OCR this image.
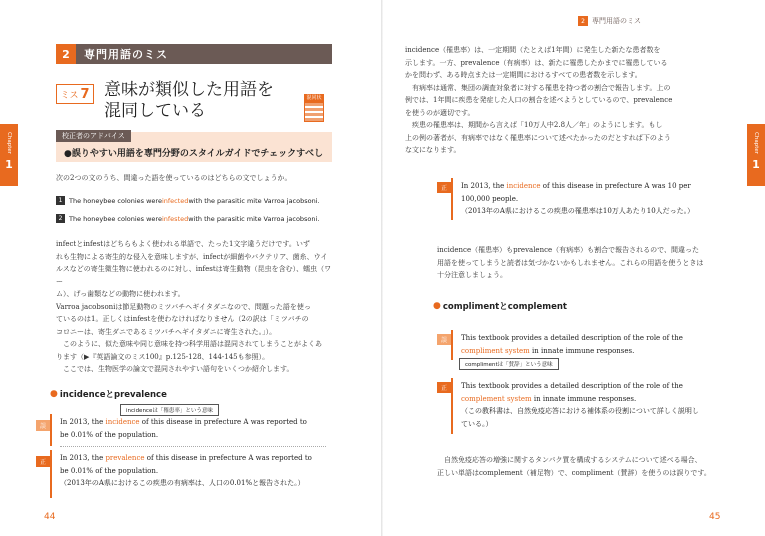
Chapter
1
2	専門用語のミス
ミス 7 意味が類似した用語を
混同している
混同状
校正者のアドバイス
●誤りやすい用語を専門分野のスタイルガイドでチェックすべし
次の2つの文のうち、間違った語を使っているのはどちらの文でしょうか。
1	The honeybee colonies were infected with the parasitic mite Varroa jacobsoni.
2	The honeybee colonies were infested with the parasitic mite Varroa jacobsoni.
infectとinfestはどちらもよく使われる単語で、たった1文字違うだけです。いず
れも生物による寄生的な侵入を意味しますが、infectが細菌やバクテリア、菌糸、ウイ
ルスなどの寄生微生物に使われるのに対し、infestは寄生動物（昆虫を含む）、蠕虫（ワー
ム）、げっ歯類などの動物に使われます。
Varroa jacobsoniは節足動物のミツバチヘギイタダニなので、問題った語を使っ
ているのは1。正しくはinfestを使わなければなりません（2の訳は「ミツバチの
コロニーは、寄生ダニであるミツバチヘギイタダニに寄生された。」）。
　このように、似た意味や同じ意味を持つ科学用語は混同されてしまうことがよくあ
ります（▶『英語論文のミス100』p.125-128、144-145も参照）。
　ここでは、生物医学の論文で混同されやすい語句をいくつか紹介します。
● incidenceとprevalence
incidenceは「罹患率」という意味
誤
In 2013, the incidence of this disease in prefecture A was reported to
be 0.01% of the population.
正
In 2013, the prevalence of this disease in prefecture A was reported to
be 0.01% of the population.
（2013年のA県におけるこの疾患の有病率は、人口の0.01%と報告された。）
44
Chapter
1
incidence（罹患率）は、一定期間（たとえば1年間）に発生した新たな患者数を
示します。一方、prevalence（有病率）は、新たに罹患したかまでに罹患している
かを問わず、ある時点または一定期間におけるすべての患者数を示します。
　有病率は通常、集団の調査対象者に対する罹患を持つ者の割合で報告します。上の
例では、1年間に疾患を発症した人口の割合を述べようとしているので、prevalence
を使うのが適切です。
　疾患の罹患率は、期間から言えば「10万人中2.8人／年」のようにします。もし
上の例の著者が、有病率ではなく罹患率について述べたかったのだとすれば下のよう
な文になります。
正	In 2013, the incidence of this disease in prefecture A was 10 per
100,000 people.
（2013年のA県におけるこの疾患の罹患率は10万人あたり10人だった。）
incidence（罹患率）もprevalence（有病率）も割合で報告されるので、間違った
用語を使ってしまうと読者は気づかないかもしれません。これらの用語を使うときは
十分注意しましょう。
● complimentとcomplement
誤	This textbook provides a detailed description of the role of the
compliment system in innate immune responses.
complimentは「賛辞」という意味
正	This textbook provides a detailed description of the role of the
complement system in innate immune responses.
（この教科書は、自然免疫応答における補体系の役割について詳しく説明し
ている。）
　自然免疫応答の増強に関するタンパク質を構成するシステムについて述べる場合、
正しい単語はcomplement（補足物）で、compliment（賛辞）を使うのは誤りです。
45
2	専門用語のミス
